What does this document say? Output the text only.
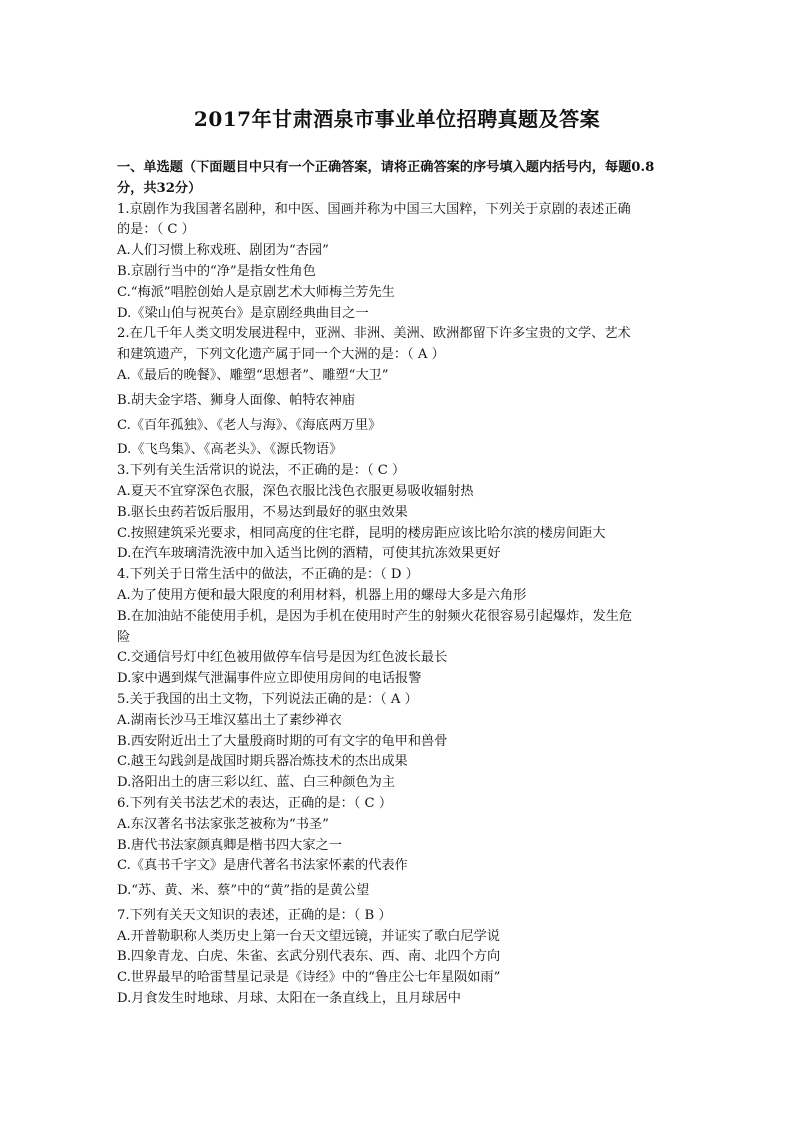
2017年甘肃酒泉市事业单位招聘真题及答案
一、单选题（下面题目中只有一个正确答案，请将正确答案的序号填入题内括号内，每题0.8
分，共32分）
1.京剧作为我国著名剧种，和中医、国画并称为中国三大国粹，下列关于京剧的表述正确
的是：（ C ）
A.人们习惯上称戏班、剧团为“杏园”
B.京剧行当中的“净”是指女性角色
C.“梅派”唱腔创始人是京剧艺术大师梅兰芳先生
D.《梁山伯与祝英台》是京剧经典曲目之一
2.在几千年人类文明发展进程中，亚洲、非洲、美洲、欧洲都留下许多宝贵的文学、艺术
和建筑遗产，下列文化遗产属于同一个大洲的是：（ A ）
A.《最后的晚餐》、雕塑“思想者”、雕塑“大卫”
B.胡夫金字塔、狮身人面像、帕特农神庙
C.《百年孤独》、《老人与海》、《海底两万里》
D.《飞鸟集》、《高老头》、《源氏物语》
3.下列有关生活常识的说法，不正确的是：（ C ）
A.夏天不宜穿深色衣服，深色衣服比浅色衣服更易吸收辐射热
B.驱长虫药若饭后服用，不易达到最好的驱虫效果
C.按照建筑采光要求，相同高度的住宅群，昆明的楼房距应该比哈尔滨的楼房间距大
D.在汽车玻璃清洗液中加入适当比例的酒精，可使其抗冻效果更好
4.下列关于日常生活中的做法，不正确的是：（ D ）
A.为了使用方便和最大限度的利用材料，机器上用的螺母大多是六角形
B.在加油站不能使用手机，是因为手机在使用时产生的射频火花很容易引起爆炸，发生危
险
C.交通信号灯中红色被用做停车信号是因为红色波长最长
D.家中遇到煤气泄漏事件应立即使用房间的电话报警
5.关于我国的出土文物，下列说法正确的是：（ A ）
A.湖南长沙马王堆汉墓出土了素纱禅衣
B.西安附近出土了大量殷商时期的可有文字的龟甲和兽骨
C.越王勾践剑是战国时期兵器冶炼技术的杰出成果
D.洛阳出土的唐三彩以红、蓝、白三种颜色为主
6.下列有关书法艺术的表达，正确的是：（ C ）
A.东汉著名书法家张芝被称为“书圣”
B.唐代书法家颜真卿是楷书四大家之一
C.《真书千字文》是唐代著名书法家怀素的代表作
D.“苏、黄、米、蔡”中的“黄”指的是黄公望
7.下列有关天文知识的表述，正确的是：（ B ）
A.开普勒职称人类历史上第一台天文望远镜，并证实了歌白尼学说
B.四象青龙、白虎、朱雀、玄武分别代表东、西、南、北四个方向
C.世界最早的哈雷彗星记录是《诗经》中的“鲁庄公七年星陨如雨”
D.月食发生时地球、月球、太阳在一条直线上，且月球居中
